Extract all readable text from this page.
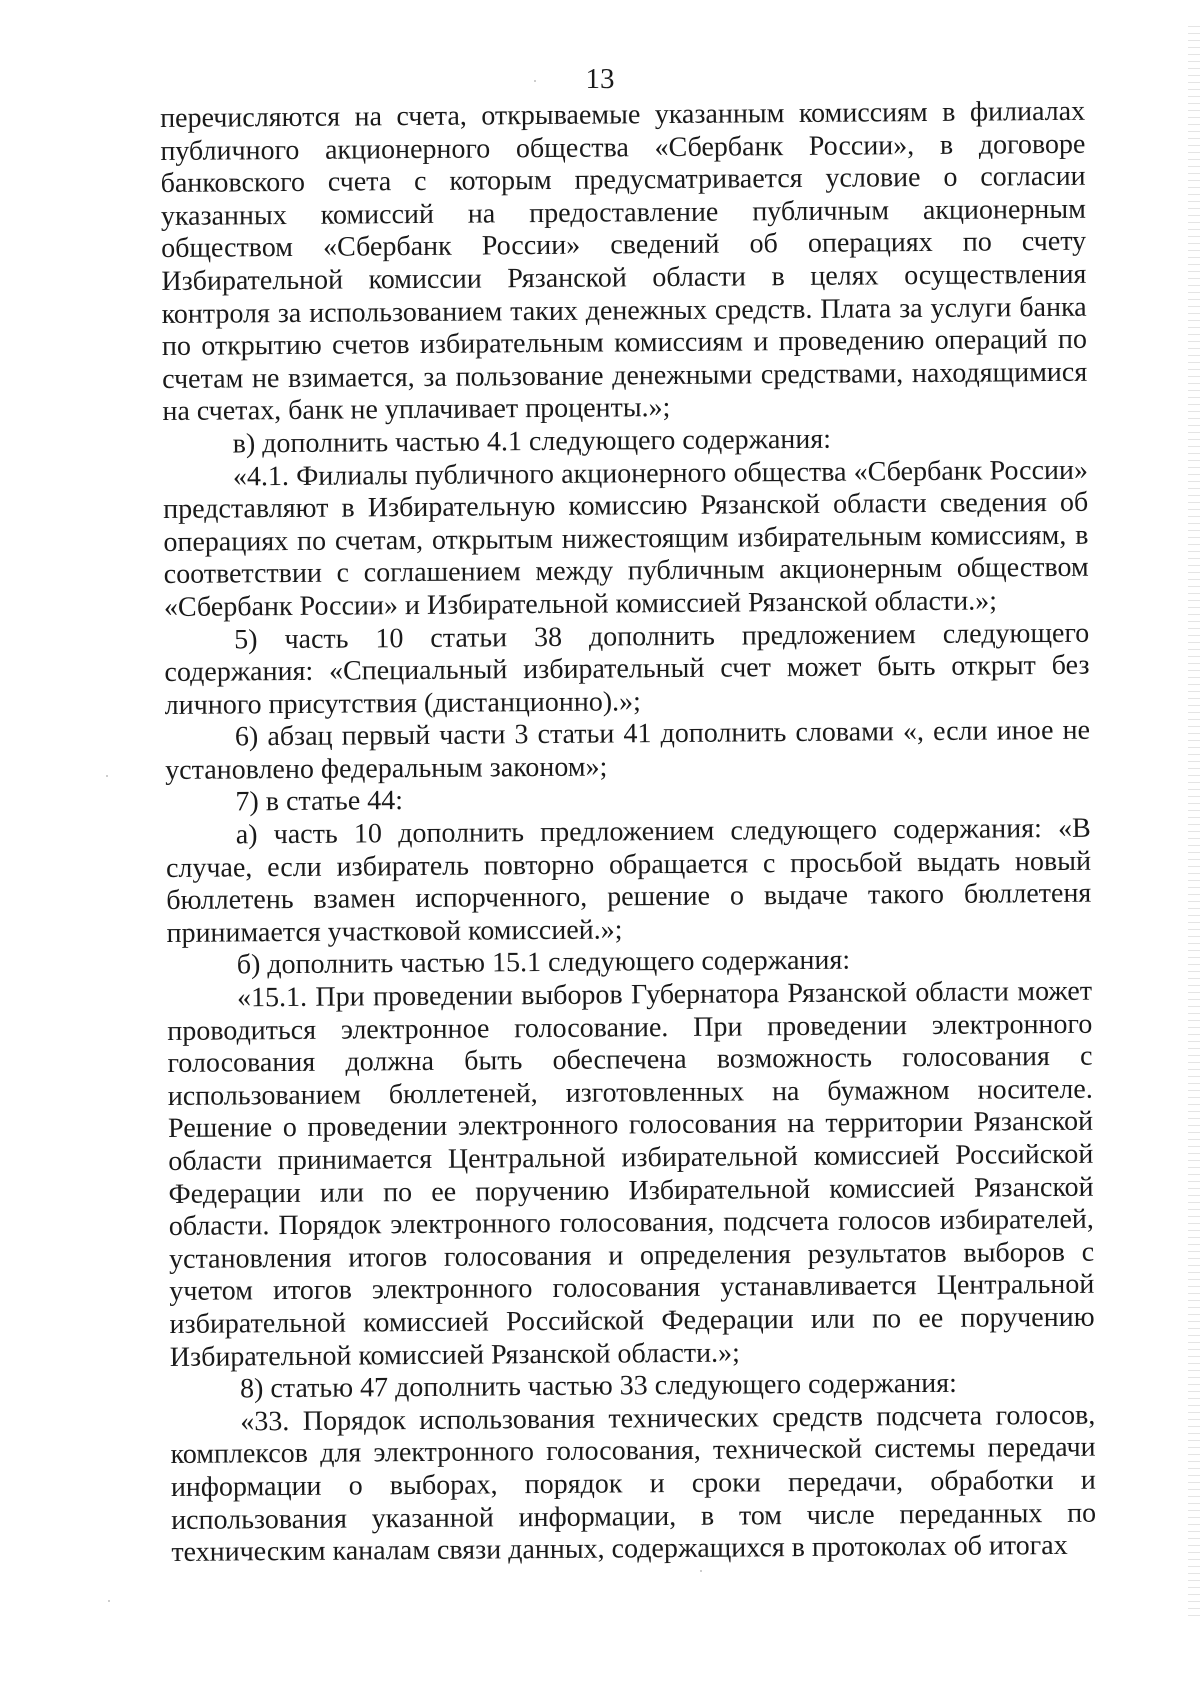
13

перечисляются на счета, открываемые указанным комиссиям в филиалах публичного акционерного общества «Сбербанк России», в договоре банковского счета с которым предусматривается условие о согласии указанных комиссий на предоставление публичным акционерным обществом «Сбербанк России» сведений об операциях по счету Избирательной комиссии Рязанской области в целях осуществления контроля за использованием таких денежных средств. Плата за услуги банка по открытию счетов избирательным комиссиям и проведению операций по счетам не взимается, за пользование денежными средствами, находящимися на счетах, банк не уплачивает проценты.»;

в) дополнить частью 4.1 следующего содержания:

«4.1. Филиалы публичного акционерного общества «Сбербанк России» представляют в Избирательную комиссию Рязанской области сведения об операциях по счетам, открытым нижестоящим избирательным комиссиям, в соответствии с соглашением между публичным акционерным обществом «Сбербанк России» и Избирательной комиссией Рязанской области.»;

5) часть 10 статьи 38 дополнить предложением следующего содержания: «Специальный избирательный счет может быть открыт без личного присутствия (дистанционно).»;

6) абзац первый части 3 статьи 41 дополнить словами «, если иное не установлено федеральным законом»;

7) в статье 44:

а) часть 10 дополнить предложением следующего содержания: «В случае, если избиратель повторно обращается с просьбой выдать новый бюллетень взамен испорченного, решение о выдаче такого бюллетеня принимается участковой комиссией.»;

б) дополнить частью 15.1 следующего содержания:

«15.1. При проведении выборов Губернатора Рязанской области может проводиться электронное голосование. При проведении электронного голосования должна быть обеспечена возможность голосования с использованием бюллетеней, изготовленных на бумажном носителе. Решение о проведении электронного голосования на территории Рязанской области принимается Центральной избирательной комиссией Российской Федерации или по ее поручению Избирательной комиссией Рязанской области. Порядок электронного голосования, подсчета голосов избирателей, установления итогов голосования и определения результатов выборов с учетом итогов электронного голосования устанавливается Центральной избирательной комиссией Российской Федерации или по ее поручению Избирательной комиссией Рязанской области.»;

8) статью 47 дополнить частью 33 следующего содержания:

«33. Порядок использования технических средств подсчета голосов, комплексов для электронного голосования, технической системы передачи информации о выборах, порядок и сроки передачи, обработки и использования указанной информации, в том числе переданных по техническим каналам связи данных, содержащихся в протоколах об итогах
